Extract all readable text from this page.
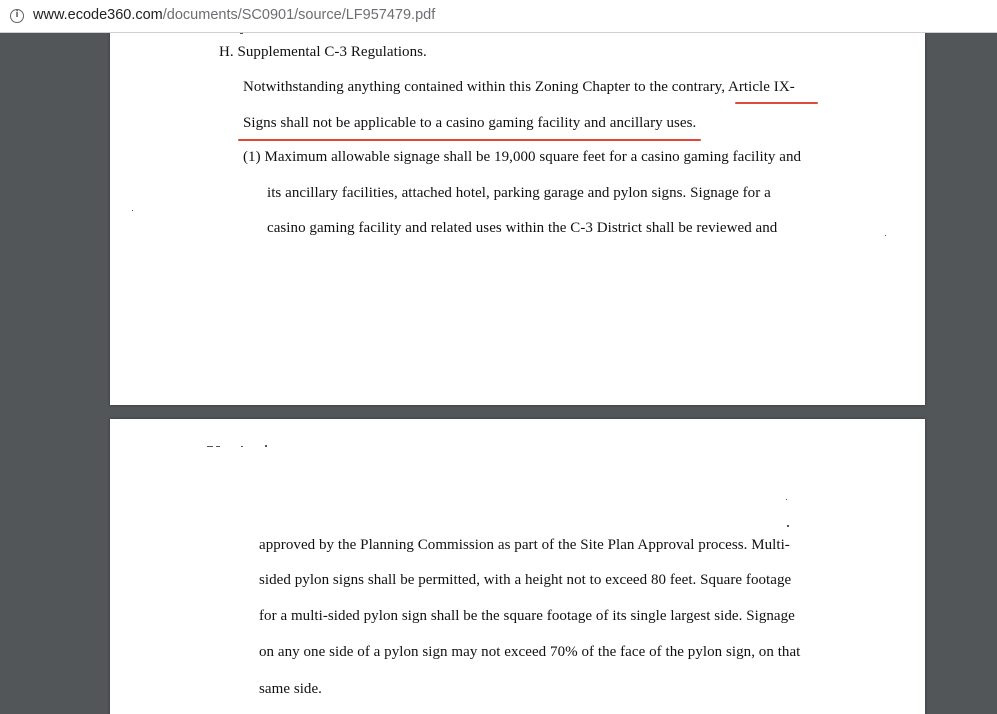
i www.ecode360.com/documents/SC0901/source/LF957479.pdf
H. Supplemental C-3 Regulations.
Notwithstanding anything contained within this Zoning Chapter to the contrary, Article IX-
Signs shall not be applicable to a casino gaming facility and ancillary uses.
(1) Maximum allowable signage shall be 19,000 square feet for a casino gaming facility and
its ancillary facilities, attached hotel, parking garage and pylon signs. Signage for a
casino gaming facility and related uses within the C-3 District shall be reviewed and
approved by the Planning Commission as part of the Site Plan Approval process. Multi-
sided pylon signs shall be permitted, with a height not to exceed 80 feet. Square footage
for a multi-sided pylon sign shall be the square footage of its single largest side. Signage
on any one side of a pylon sign may not exceed 70% of the face of the pylon sign, on that
same side.
